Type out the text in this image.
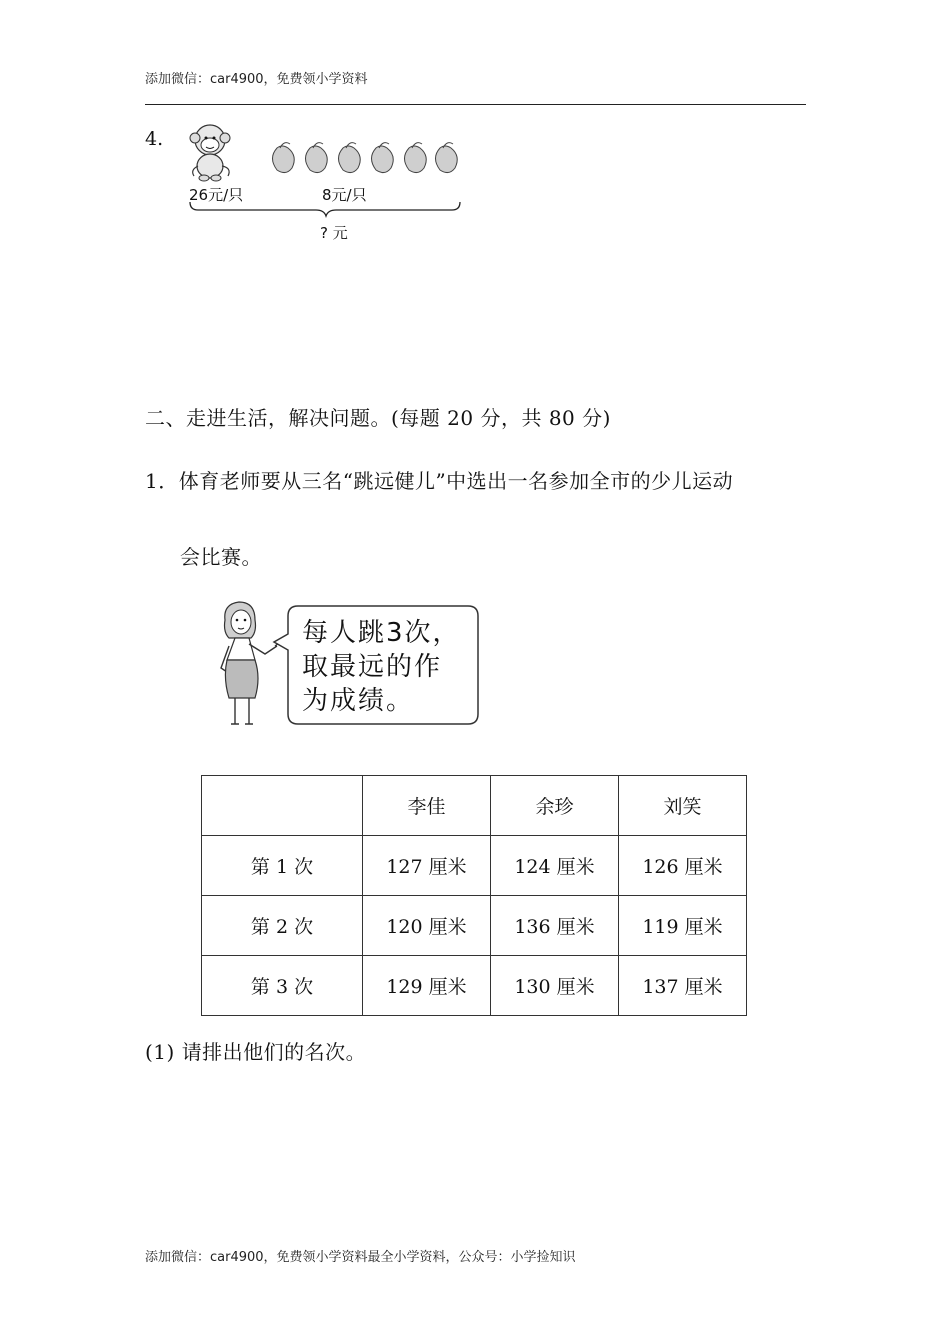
添加微信：car4900，免费领小学资料
4.
26元/只	8元/只
? 元
二、走进生活，解决问题。(每题 20 分，共 80 分)
1．体育老师要从三名“跳远健儿”中选出一名参加全市的少儿运动
会比赛。
每人跳3次，
取最远的作
为成绩。
	李佳	余珍	刘笑
第 1 次	127 厘米	124 厘米	126 厘米
第 2 次	120 厘米	136 厘米	119 厘米
第 3 次	129 厘米	130 厘米	137 厘米
(1) 请排出他们的名次。
添加微信：car4900，免费领小学资料最全小学资料，公众号：小学捡知识
